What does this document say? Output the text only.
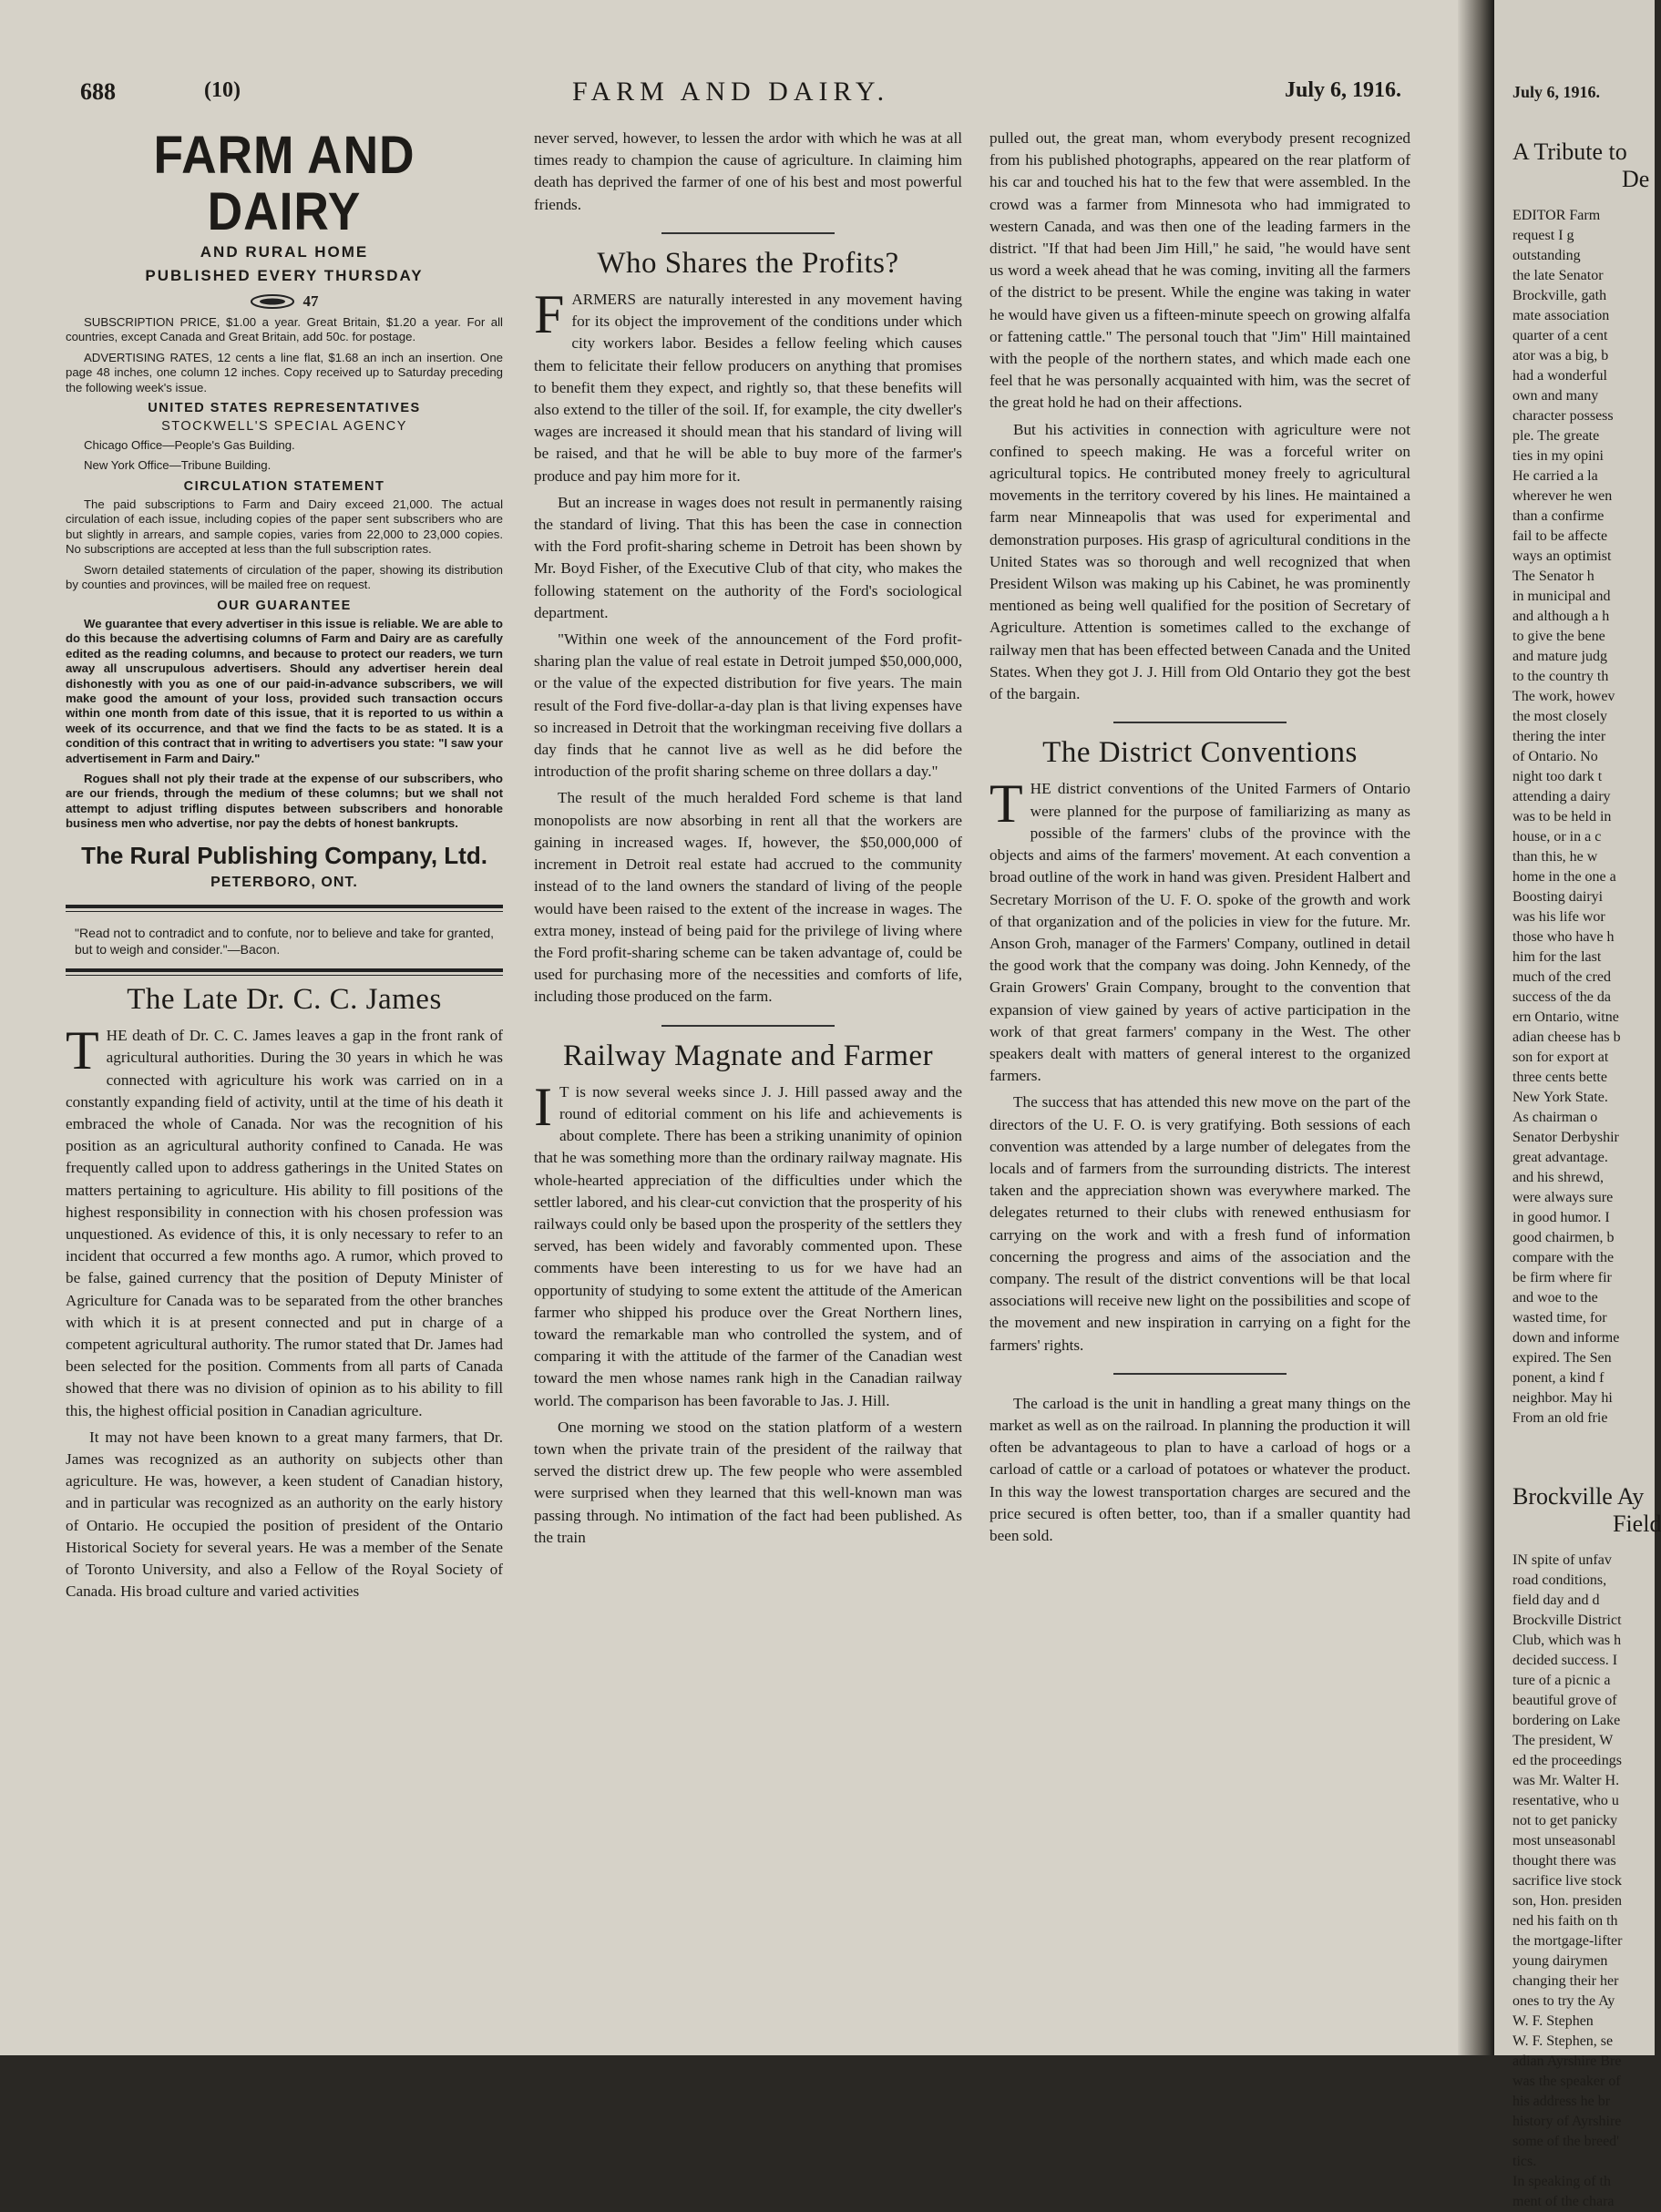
688	(10)	FARM AND DAIRY.	July 6, 1916.
FARM AND DAIRY
AND RURAL HOME
PUBLISHED EVERY THURSDAY
47

SUBSCRIPTION PRICE, $1.00 a year. Great Britain, $1.20 a year. For all countries, except Canada and Great Britain, add 50c. for postage.

ADVERTISING RATES, 12 cents a line flat, $1.68 an inch an insertion. One page 48 inches, one column 12 inches. Copy received up to Saturday preceding the following week's issue.

UNITED STATES REPRESENTATIVES
STOCKWELL'S SPECIAL AGENCY

Chicago Office—People's Gas Building.

New York Office—Tribune Building.

CIRCULATION STATEMENT

The paid subscriptions to Farm and Dairy exceed 21,000. The actual circulation of each issue, including copies of the paper sent subscribers who are but slightly in arrears, and sample copies, varies from 22,000 to 23,000 copies. No subscriptions are accepted at less than the full subscription rates.

Sworn detailed statements of circulation of the paper, showing its distribution by counties and provinces, will be mailed free on request.

OUR GUARANTEE

We guarantee that every advertiser in this issue is reliable. We are able to do this because the advertising columns of Farm and Dairy are as carefully edited as the reading columns, and because to protect our readers, we turn away all unscrupulous advertisers. Should any advertiser herein deal dishonestly with you as one of our paid-in-advance subscribers, we will make good the amount of your loss, provided such transaction occurs within one month from date of this issue, that it is reported to us within a week of its occurrence, and that we find the facts to be as stated. It is a condition of this contract that in writing to advertisers you state: "I saw your advertisement in Farm and Dairy."

Rogues shall not ply their trade at the expense of our subscribers, who are our friends, through the medium of these columns; but we shall not attempt to adjust trifling disputes between subscribers and honorable business men who advertise, nor pay the debts of honest bankrupts.

The Rural Publishing Company, Ltd.
PETERBORO, ONT.
"Read not to contradict and to confute, nor to believe and take for granted, but to weigh and consider."—Bacon.
The Late Dr. C. C. James

THE death of Dr. C. C. James leaves a gap in the front rank of agricultural authorities. During the 30 years in which he was connected with agriculture his work was carried on in a constantly expanding field of activity, until at the time of his death it embraced the whole of Canada. Nor was the recognition of his position as an agricultural authority confined to Canada. He was frequently called upon to address gatherings in the United States on matters pertaining to agriculture. His ability to fill positions of the highest responsibility in connection with his chosen profession was unquestioned. As evidence of this, it is only necessary to refer to an incident that occurred a few months ago. A rumor, which proved to be false, gained currency that the position of Deputy Minister of Agriculture for Canada was to be separated from the other branches with which it is at present connected and put in charge of a competent agricultural authority. The rumor stated that Dr. James had been selected for the position. Comments from all parts of Canada showed that there was no division of opinion as to his ability to fill this, the highest official position in Canadian agriculture.

It may not have been known to a great many farmers, that Dr. James was recognized as an authority on subjects other than agriculture. He was, however, a keen student of Canadian history, and in particular was recognized as an authority on the early history of Ontario. He occupied the position of president of the Ontario Historical Society for several years. He was a member of the Senate of Toronto University, and also a Fellow of the Royal Society of Canada. His broad culture and varied activities

never served, however, to lessen the ardor with which he was at all times ready to champion the cause of agriculture. In claiming him death has deprived the farmer of one of his best and most powerful friends.

Who Shares the Profits?

FARMERS are naturally interested in any movement having for its object the improvement of the conditions under which city workers labor. Besides a fellow feeling which causes them to felicitate their fellow producers on anything that promises to benefit them they expect, and rightly so, that these benefits will also extend to the tiller of the soil. If, for example, the city dweller's wages are increased it should mean that his standard of living will be raised, and that he will be able to buy more of the farmer's produce and pay him more for it.

But an increase in wages does not result in permanently raising the standard of living. That this has been the case in connection with the Ford profit-sharing scheme in Detroit has been shown by Mr. Boyd Fisher, of the Executive Club of that city, who makes the following statement on the authority of the Ford's sociological department.

"Within one week of the announcement of the Ford profit-sharing plan the value of real estate in Detroit jumped $50,000,000, or the value of the expected distribution for five years. The main result of the Ford five-dollar-a-day plan is that living expenses have so increased in Detroit that the workingman receiving five dollars a day finds that he cannot live as well as he did before the introduction of the profit sharing scheme on three dollars a day."

The result of the much heralded Ford scheme is that land monopolists are now absorbing in rent all that the workers are gaining in increased wages. If, however, the $50,000,000 of increment in Detroit real estate had accrued to the community instead of to the land owners the standard of living of the people would have been raised to the extent of the increase in wages. The extra money, instead of being paid for the privilege of living where the Ford profit-sharing scheme can be taken advantage of, could be used for purchasing more of the necessities and comforts of life, including those produced on the farm.

Railway Magnate and Farmer

I T is now several weeks since J. J. Hill passed away and the round of editorial comment on his life and achievements is about complete. There has been a striking unanimity of opinion that he was something more than the ordinary railway magnate. His whole-hearted appreciation of the difficulties under which the settler labored, and his clear-cut conviction that the prosperity of his railways could only be based upon the prosperity of the settlers they served, has been widely and favorably commented upon. These comments have been interesting to us for we have had an opportunity of studying to some extent the attitude of the American farmer who shipped his produce over the Great Northern lines, toward the remarkable man who controlled the system, and of comparing it with the attitude of the farmer of the Canadian west toward the men whose names rank high in the Canadian railway world. The comparison has been favorable to Jas. J. Hill.

One morning we stood on the station platform of a western town when the private train of the president of the railway that served the district drew up. The few people who were assembled were surprised when they learned that this well-known man was passing through. No intimation of the fact had been published. As the train

pulled out, the great man, whom everybody present recognized from his published photographs, appeared on the rear platform of his car and touched his hat to the few that were assembled. In the crowd was a farmer from Minnesota who had immigrated to western Canada, and was then one of the leading farmers in the district. "If that had been Jim Hill," he said, "he would have sent us word a week ahead that he was coming, inviting all the farmers of the district to be present. While the engine was taking in water he would have given us a fifteen-minute speech on growing alfalfa or fattening cattle." The personal touch that "Jim" Hill maintained with the people of the northern states, and which made each one feel that he was personally acquainted with him, was the secret of the great hold he had on their affections.

But his activities in connection with agriculture were not confined to speech making. He was a forceful writer on agricultural topics. He contributed money freely to agricultural movements in the territory covered by his lines. He maintained a farm near Minneapolis that was used for experimental and demonstration purposes. His grasp of agricultural conditions in the United States was so thorough and well recognized that when President Wilson was making up his Cabinet, he was prominently mentioned as being well qualified for the position of Secretary of Agriculture. Attention is sometimes called to the exchange of railway men that has been effected between Canada and the United States. When they got J. J. Hill from Old Ontario they got the best of the bargain.

The District Conventions

THE district conventions of the United Farmers of Ontario were planned for the purpose of familiarizing as many as possible of the farmers' clubs of the province with the objects and aims of the farmers' movement. At each convention a broad outline of the work in hand was given. President Halbert and Secretary Morrison of the U. F. O. spoke of the growth and work of that organization and of the policies in view for the future. Mr. Anson Groh, manager of the Farmers' Company, outlined in detail the good work that the company was doing. John Kennedy, of the Grain Growers' Grain Company, brought to the convention that expansion of view gained by years of active participation in the work of that great farmers' company in the West. The other speakers dealt with matters of general interest to the organized farmers.

The success that has attended this new move on the part of the directors of the U. F. O. is very gratifying. Both sessions of each convention was attended by a large number of delegates from the locals and of farmers from the surrounding districts. The interest taken and the appreciation shown was everywhere marked. The delegates returned to their clubs with renewed enthusiasm for carrying on the work and with a fresh fund of information concerning the progress and aims of the association and the company. The result of the district conventions will be that local associations will receive new light on the possibilities and scope of the movement and new inspiration in carrying on a fight for the farmers' rights.

The carload is the unit in handling a great many things on the market as well as on the railroad. In planning the production it will often be advantageous to plan to have a carload of hogs or a carload of cattle or a carload of potatoes or whatever the product. In this way the lowest transportation charges are secured and the price secured is often better, too, than if a smaller quantity had been sold.

July 6, 1916.
A Tribute to
De
EDITOR Farm
request I g
outstanding
the late Senator
Brockville, gath
mate association
quarter of a cent
ator was a big, b
had a wonderful
own and many
character possess
ple. The greate
ties in my opini
He carried a la
wherever he wen
than a confirme
fail to be affecte
ways an optimist
The Senator h
in municipal and
and although a h
to give the bene
and mature judg
to the country th
The work, howev
the most closely
thering the inter
of Ontario. No
night too dark t
attending a dairy
was to be held in
house, or in a c
than this, he w
home in the one a
Boosting dairyi
was his life wor
those who have h
him for the last
much of the cred
success of the da
ern Ontario, witne
adian cheese has b
son for export at
three cents bette
New York State.
As chairman o
Senator Derbyshir
great advantage.
and his shrewd,
were always sure
in good humor. I
good chairmen, b
compare with the
be firm where fir
and woe to the
wasted time, for
down and informe
expired. The Sen
ponent, a kind f
neighbor. May hi
From an old frie
Brockville Ay
Field
IN spite of unfav
road conditions,
field day and d
Brockville District
Club, which was h
decided success. I
ture of a picnic a
beautiful grove of
bordering on Lake
The president, W
ed the proceedings
was Mr. Walter H.
resentative, who u
not to get panicky
most unseasonabl
thought there was
sacrifice live stock
son, Hon. presiden
ned his faith on th
the mortgage-lifter
young dairymen
changing their her
ones to try the Ay
W. F. Stephen
W. F. Stephen, se
adian Ayrshire Bre
was the speaker of
his address he br
history of Ayrshire
some of the breed'
tics.
In speaking of th
ment of the chara
